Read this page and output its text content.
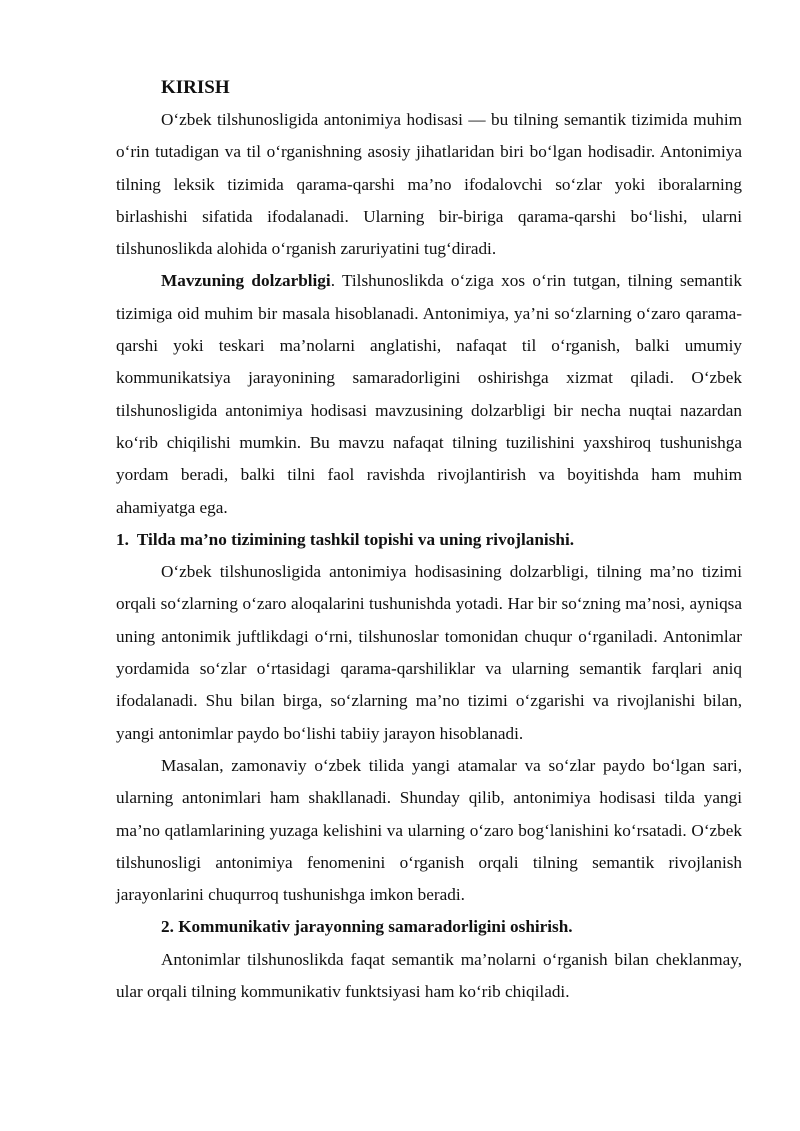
KIRISH

O‘zbek tilshunosligida antonimiya hodisasi — bu tilning semantik tizimida muhim o‘rin tutadigan va til o‘rganishning asosiy jihatlaridan biri bo‘lgan hodisadir. Antonimiya tilning leksik tizimida qarama-qarshi ma’no ifodalovchi so‘zlar yoki iboralarning birlashishi sifatida ifodalanadi. Ularning bir-biriga qarama-qarshi bo‘lishi, ularni tilshunoslikda alohida o‘rganish zaruriyatini tug‘diradi.

Mavzuning dolzarbligi. Tilshunoslikda o‘ziga xos o‘rin tutgan, tilning semantik tizimiga oid muhim bir masala hisoblanadi. Antonimiya, ya’ni so‘zlarning o‘zaro qarama-qarshi yoki teskari ma’nolarni anglatishi, nafaqat til o‘rganish, balki umumiy kommunikatsiya jarayonining samaradorligini oshirishga xizmat qiladi. O‘zbek tilshunosligida antonimiya hodisasi mavzusining dolzarbligi bir necha nuqtai nazardan ko‘rib chiqilishi mumkin. Bu mavzu nafaqat tilning tuzilishini yaxshiroq tushunishga yordam beradi, balki tilni faol ravishda rivojlantirish va boyitishda ham muhim ahamiyatga ega.

1. Tilda ma’no tizimining tashkil topishi va uning rivojlanishi.

O‘zbek tilshunosligida antonimiya hodisasining dolzarbligi, tilning ma’no tizimi orqali so‘zlarning o‘zaro aloqalarini tushunishda yotadi. Har bir so‘zning ma’nosi, ayniqsa uning antonimik juftlikdagi o‘rni, tilshunoslar tomonidan chuqur o‘rganiladi. Antonimlar yordamida so‘zlar o‘rtasidagi qarama-qarshiliklar va ularning semantik farqlari aniq ifodalanadi. Shu bilan birga, so‘zlarning ma’no tizimi o‘zgarishi va rivojlanishi bilan, yangi antonimlar paydo bo‘lishi tabiiy jarayon hisoblanadi.

Masalan, zamonaviy o‘zbek tilida yangi atamalar va so‘zlar paydo bo‘lgan sari, ularning antonimlari ham shakllanadi. Shunday qilib, antonimiya hodisasi tilda yangi ma’no qatlamlarining yuzaga kelishini va ularning o‘zaro bog‘lanishini ko‘rsatadi. O‘zbek tilshunosligi antonimiya fenomenini o‘rganish orqali tilning semantik rivojlanish jarayonlarini chuqurroq tushunishga imkon beradi.

2. Kommunikativ jarayonning samaradorligini oshirish.

Antonimlar tilshunoslikda faqat semantik ma’nolarni o‘rganish bilan cheklanmay, ular orqali tilning kommunikativ funktsiyasi ham ko‘rib chiqiladi.
